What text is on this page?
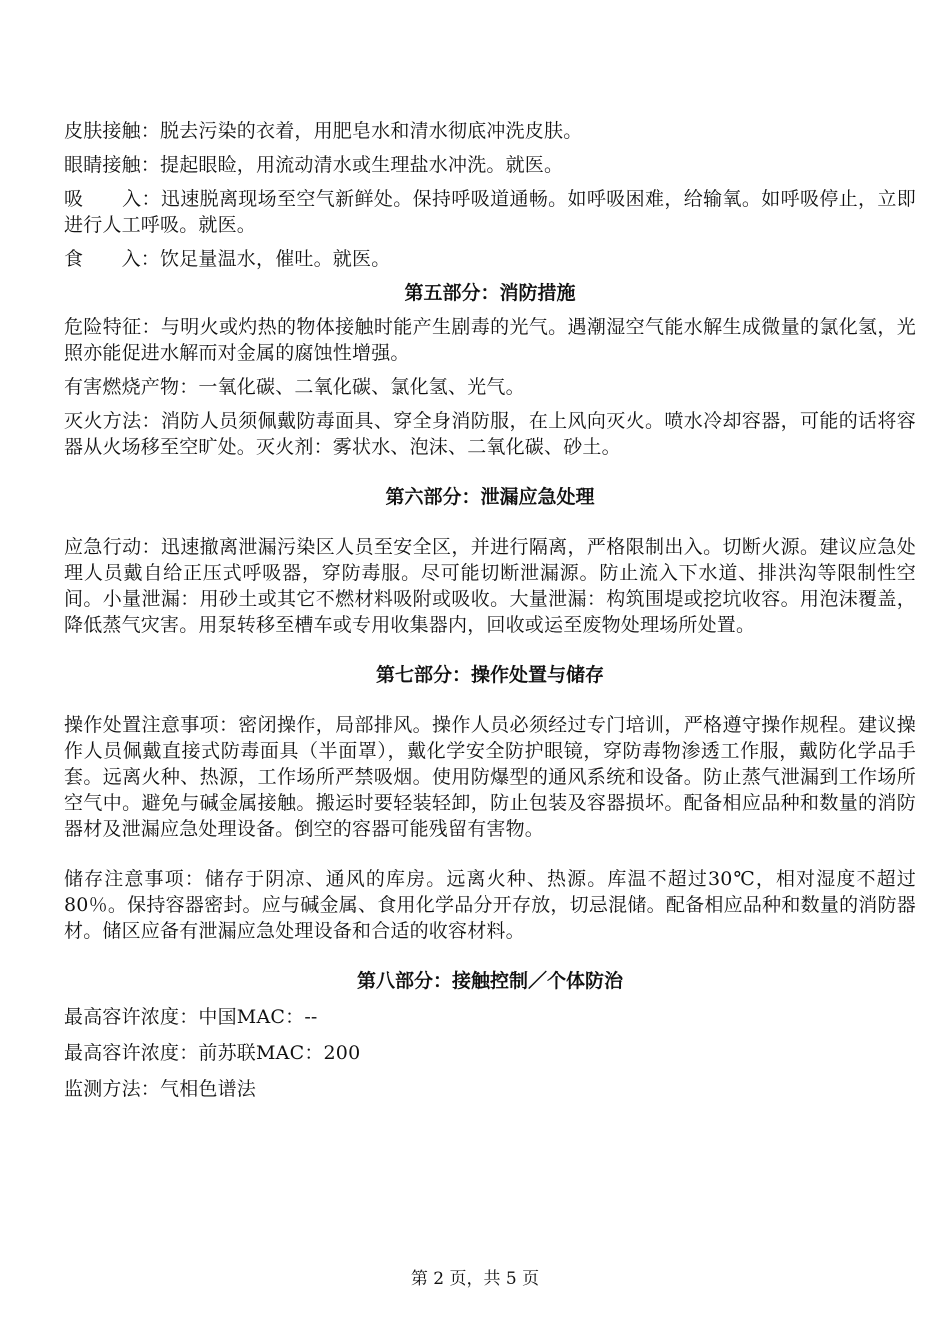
皮肤接触：脱去污染的衣着，用肥皂水和清水彻底冲洗皮肤。

眼睛接触：提起眼睑，用流动清水或生理盐水冲洗。就医。

吸　　入：迅速脱离现场至空气新鲜处。保持呼吸道通畅。如呼吸困难，给输氧。如呼吸停止，立即进行人工呼吸。就医。

食　　入：饮足量温水，催吐。就医。

第五部分：消防措施

危险特征：与明火或灼热的物体接触时能产生剧毒的光气。遇潮湿空气能水解生成微量的氯化氢，光照亦能促进水解而对金属的腐蚀性增强。

有害燃烧产物：一氧化碳、二氧化碳、氯化氢、光气。

灭火方法：消防人员须佩戴防毒面具、穿全身消防服，在上风向灭火。喷水冷却容器，可能的话将容器从火场移至空旷处。灭火剂：雾状水、泡沫、二氧化碳、砂土。

第六部分：泄漏应急处理

应急行动：迅速撤离泄漏污染区人员至安全区，并进行隔离，严格限制出入。切断火源。建议应急处理人员戴自给正压式呼吸器，穿防毒服。尽可能切断泄漏源。防止流入下水道、排洪沟等限制性空间。小量泄漏：用砂土或其它不燃材料吸附或吸收。大量泄漏：构筑围堤或挖坑收容。用泡沫覆盖，降低蒸气灾害。用泵转移至槽车或专用收集器内，回收或运至废物处理场所处置。

第七部分：操作处置与储存

操作处置注意事项：密闭操作，局部排风。操作人员必须经过专门培训，严格遵守操作规程。建议操作人员佩戴直接式防毒面具（半面罩），戴化学安全防护眼镜，穿防毒物渗透工作服，戴防化学品手套。远离火种、热源，工作场所严禁吸烟。使用防爆型的通风系统和设备。防止蒸气泄漏到工作场所空气中。避免与碱金属接触。搬运时要轻装轻卸，防止包装及容器损坏。配备相应品种和数量的消防器材及泄漏应急处理设备。倒空的容器可能残留有害物。

储存注意事项：储存于阴凉、通风的库房。远离火种、热源。库温不超过30℃，相对湿度不超过80％。保持容器密封。应与碱金属、食用化学品分开存放，切忌混储。配备相应品种和数量的消防器材。储区应备有泄漏应急处理设备和合适的收容材料。

第八部分：接触控制／个体防治

最高容许浓度：中国MAC：--

最高容许浓度：前苏联MAC：200

监测方法：气相色谱法

第 2 页，共 5 页
